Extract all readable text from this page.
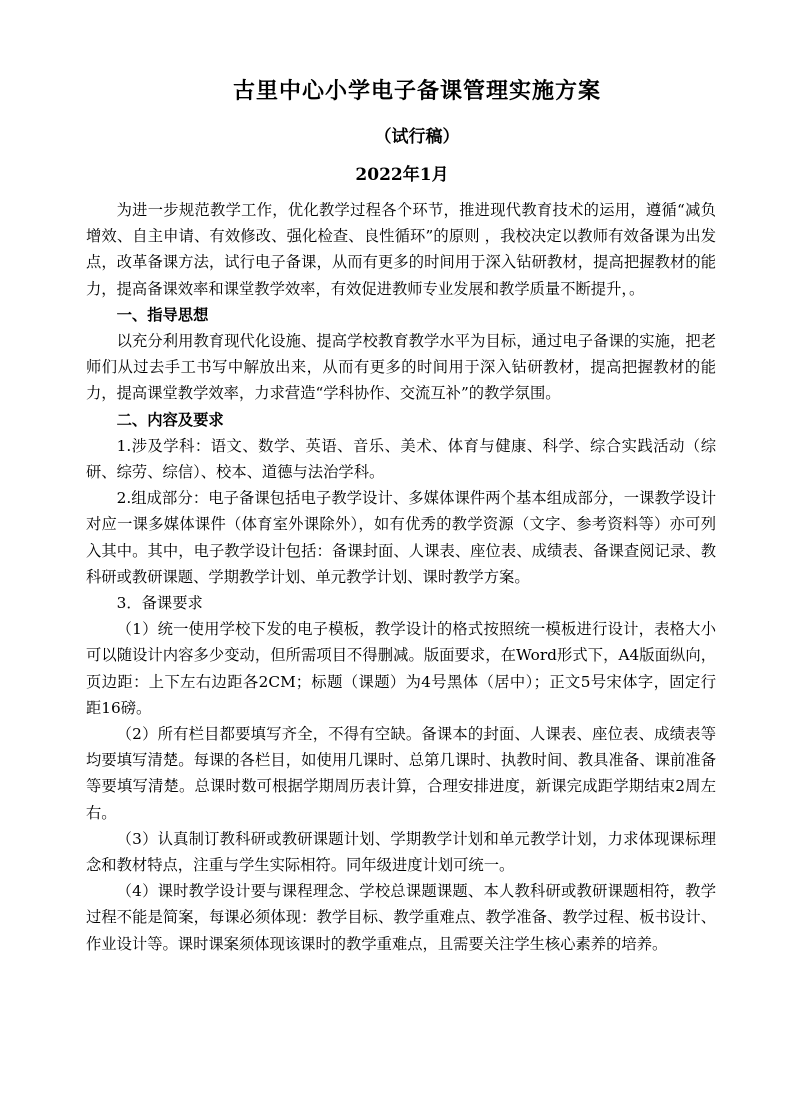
古里中心小学电子备课管理实施方案
（试行稿）
2022年1月

为进一步规范教学工作，优化教学过程各个环节，推进现代教育技术的运用，遵循“减负增效、自主申请、有效修改、强化检查、良性循环”的原则 ，我校决定以教师有效备课为出发点，改革备课方法，试行电子备课，从而有更多的时间用于深入钻研教材，提高把握教材的能力，提高备课效率和课堂教学效率，有效促进教师专业发展和教学质量不断提升，。

一、指导思想

以充分利用教育现代化设施、提高学校教育教学水平为目标，通过电子备课的实施，把老师们从过去手工书写中解放出来，从而有更多的时间用于深入钻研教材，提高把握教材的能力，提高课堂教学效率，力求营造“学科协作、交流互补”的教学氛围。

二、内容及要求

1.涉及学科：语文、数学、英语、音乐、美术、体育与健康、科学、综合实践活动（综研、综劳、综信）、校本、道德与法治学科。

2.组成部分：电子备课包括电子教学设计、多媒体课件两个基本组成部分，一课教学设计对应一课多媒体课件（体育室外课除外），如有优秀的教学资源（文字、参考资料等）亦可列入其中。其中，电子教学设计包括：备课封面、人课表、座位表、成绩表、备课查阅记录、教科研或教研课题、学期教学计划、单元教学计划、课时教学方案。

3．备课要求

（1）统一使用学校下发的电子模板，教学设计的格式按照统一模板进行设计，表格大小可以随设计内容多少变动，但所需项目不得删减。版面要求，在Word形式下，A4版面纵向，页边距：上下左右边距各2CM；标题（课题）为4号黑体（居中）；正文5号宋体字，固定行距16磅。

（2）所有栏目都要填写齐全，不得有空缺。备课本的封面、人课表、座位表、成绩表等均要填写清楚。每课的各栏目，如使用几课时、总第几课时、执教时间、教具准备、课前准备等要填写清楚。总课时数可根据学期周历表计算，合理安排进度，新课完成距学期结束2周左右。

（3）认真制订教科研或教研课题计划、学期教学计划和单元教学计划，力求体现课标理念和教材特点，注重与学生实际相符。同年级进度计划可统一。

（4）课时教学设计要与课程理念、学校总课题课题、本人教科研或教研课题相符，教学过程不能是简案，每课必须体现：教学目标、教学重难点、教学准备、教学过程、板书设计、作业设计等。课时课案须体现该课时的教学重难点，且需要关注学生核心素养的培养。
